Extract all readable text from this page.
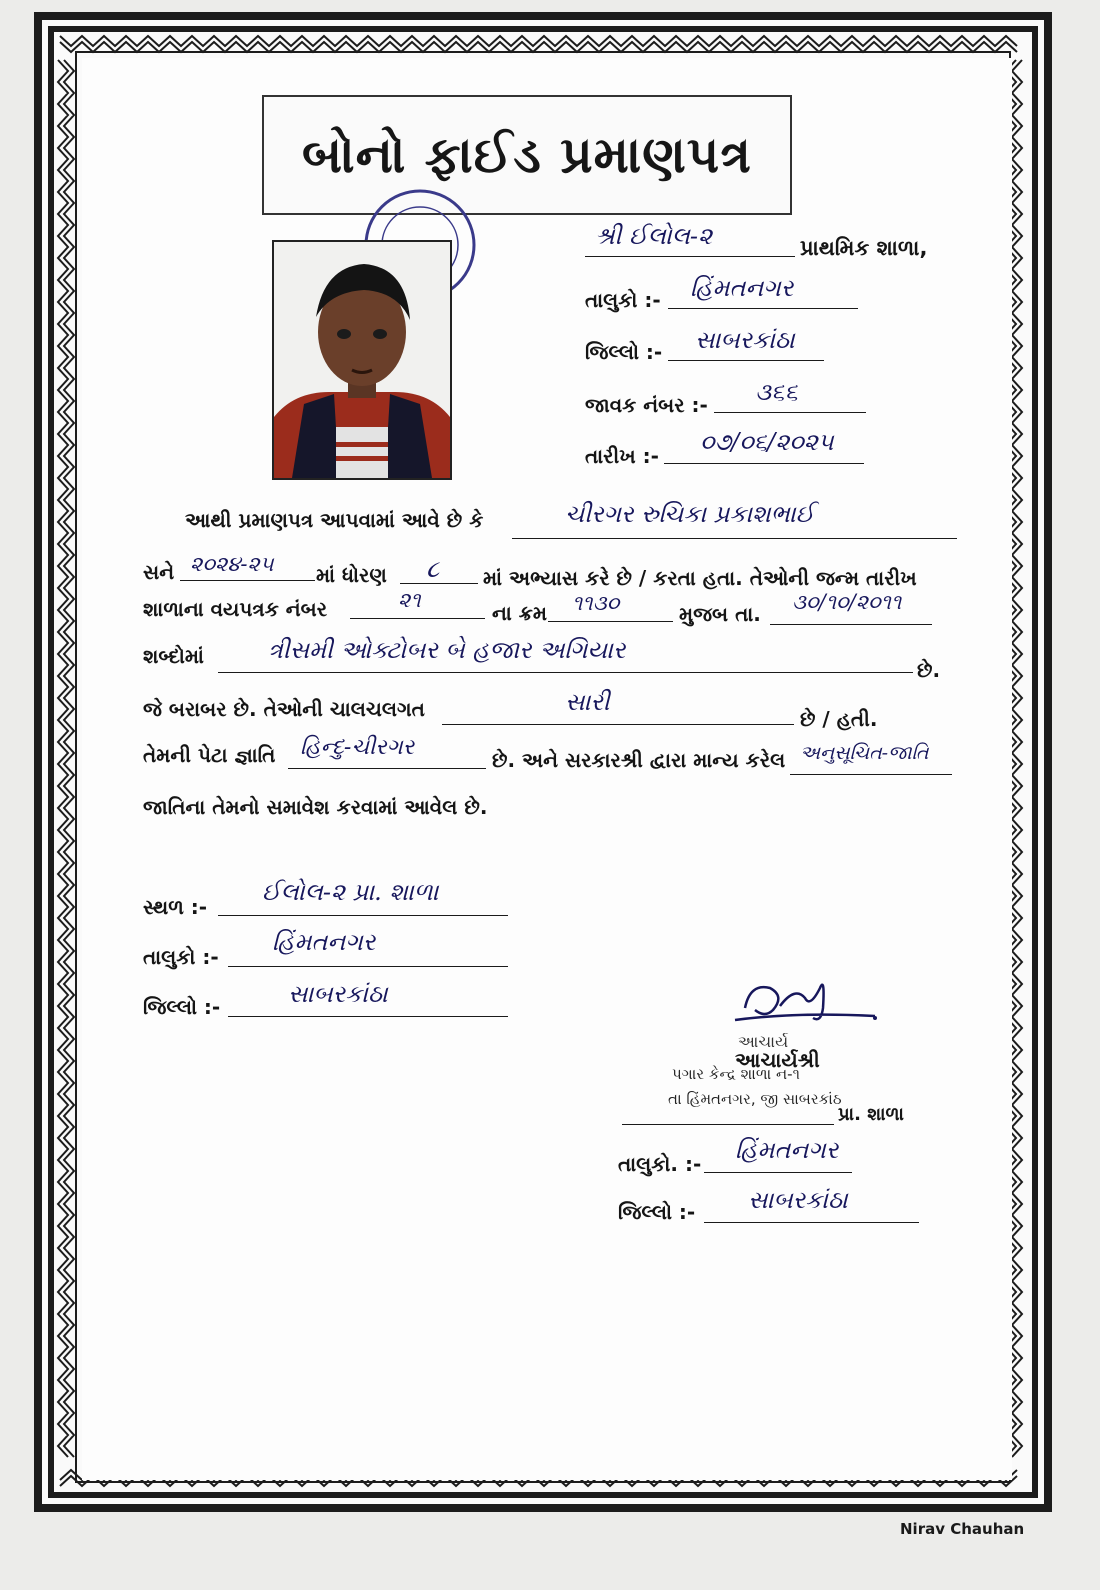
બોનો ફાઈડ પ્રમાણપત્ર
શ્રી ઈલોલ-૨	પ્રાથમિક શાળા,
તાલુકો :- હિંમતનગર
જિલ્લો :- સાબરકાંઠા
જાવક નંબર :- ૩૬૬
તારીખ :- ૦૭/૦૬/૨૦૨૫
આથી પ્રમાણપત્ર આપવામાં આવે છે કે	ચીરગર રુચિકા પ્રકાશભાઈ
સને ૨૦૨૪-૨૫ માં ધોરણ ૮ માં અભ્યાસ કરે છે / કરતા હતા. તેઓની જન્મ તારીખ
શાળાના વયપત્રક નંબર	૨૧
ના ક્રમ ૧૧૩૦	મુજબ તા. ૩૦/૧૦/૨૦૧૧
શબ્દોમાં	ત્રીસમી ઓક્ટોબર બે હજાર અગિયાર
છે.
જે બરાબર છે. તેઓની ચાલચલગત	સારી
છે / હતી.
તેમની પેટા જ્ઞાતિ હિન્દુ-ચીરગર	છે. અને સરકારશ્રી દ્વારા માન્ય કરેલ અનુસૂચિત-જાતિ
જાતિના તેમનો સમાવેશ કરવામાં આવેલ છે.
સ્થળ :-
ઈલોલ-૨ પ્રા. શાળા
તાલુકો :-
હિંમતનગર
જિલ્લો :-	સાબરકાંઠા
આચાર્ય
આચાર્યશ્રી
પગાર કેન્દ્ર શાળા ન-૧
તા હિંમતનગર, જી સાબરકાંઠ
પ્રા. શાળા
તાલુકો. :- હિંમતનગર
જિલ્લો :- સાબરકાંઠા
Nirav Chauhan
